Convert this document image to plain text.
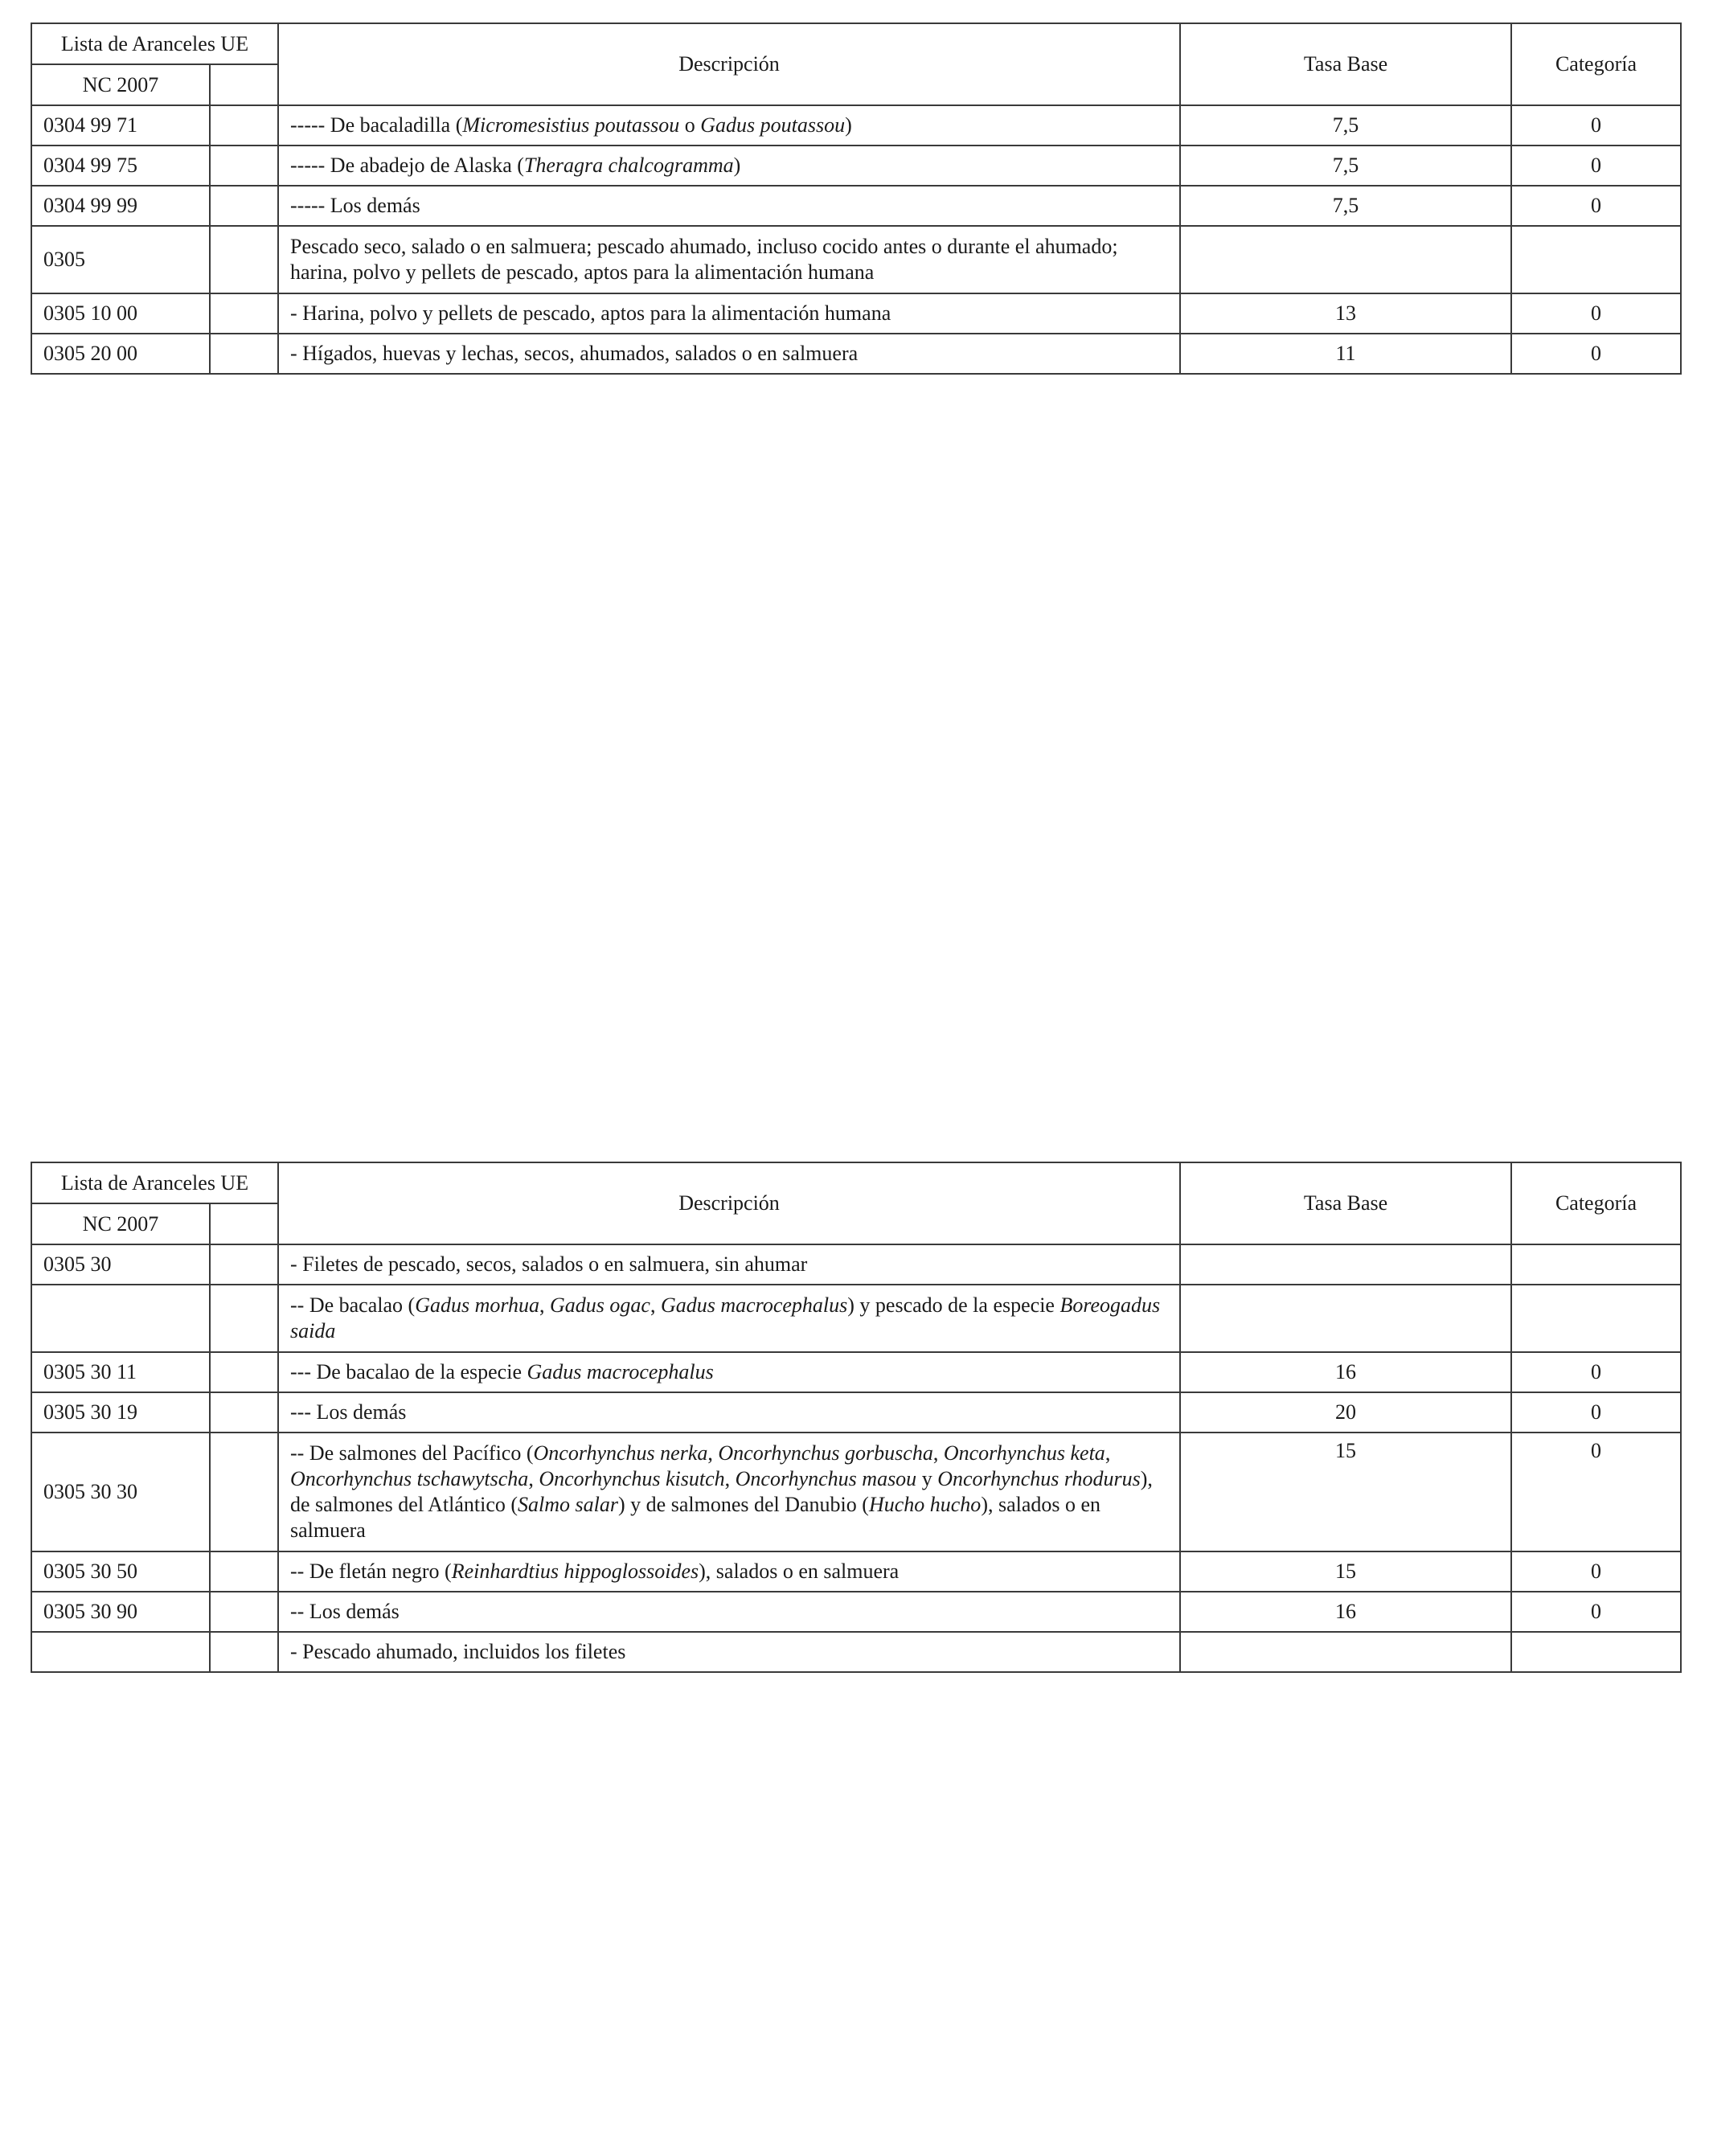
Lista de Aranceles UE		Descripción	Tasa Base	Categoría
NC 2007				
0304 99 71		----- De bacaladilla (Micromesistius poutassou o Gadus poutassou)	7,5	0
0304 99 75		----- De abadejo de Alaska (Theragra chalcogramma)	7,5	0
0304 99 99		----- Los demás	7,5	0
0305		Pescado seco, salado o en salmuera; pescado ahumado, incluso cocido antes o durante el ahumado; harina, polvo y pellets de pescado, aptos para la alimentación humana		
0305 10 00		- Harina, polvo y pellets de pescado, aptos para la alimentación humana	13	0
0305 20 00		- Hígados, huevas y lechas, secos, ahumados, salados o en salmuera	11	0
Lista de Aranceles UE		Descripción	Tasa Base	Categoría
NC 2007				
0305 30		- Filetes de pescado, secos, salados o en salmuera, sin ahumar		
		-- De bacalao (Gadus morhua, Gadus ogac, Gadus macrocephalus) y pescado de la especie Boreogadus saida		
0305 30 11		--- De bacalao de la especie Gadus macrocephalus	16	0
0305 30 19		--- Los demás	20	0
0305 30 30		-- De salmones del Pacífico (Oncorhynchus nerka, Oncorhynchus gorbuscha, Oncorhynchus keta, Oncorhynchus tschawytscha, Oncorhynchus kisutch, Oncorhynchus masou y Oncorhynchus rhodurus), de salmones del Atlántico (Salmo salar) y de salmones del Danubio (Hucho hucho), salados o en salmuera	15	0
0305 30 50		-- De fletán negro (Reinhardtius hippoglossoides), salados o en salmuera	15	0
0305 30 90		-- Los demás	16	0
		- Pescado ahumado, incluidos los filetes		
